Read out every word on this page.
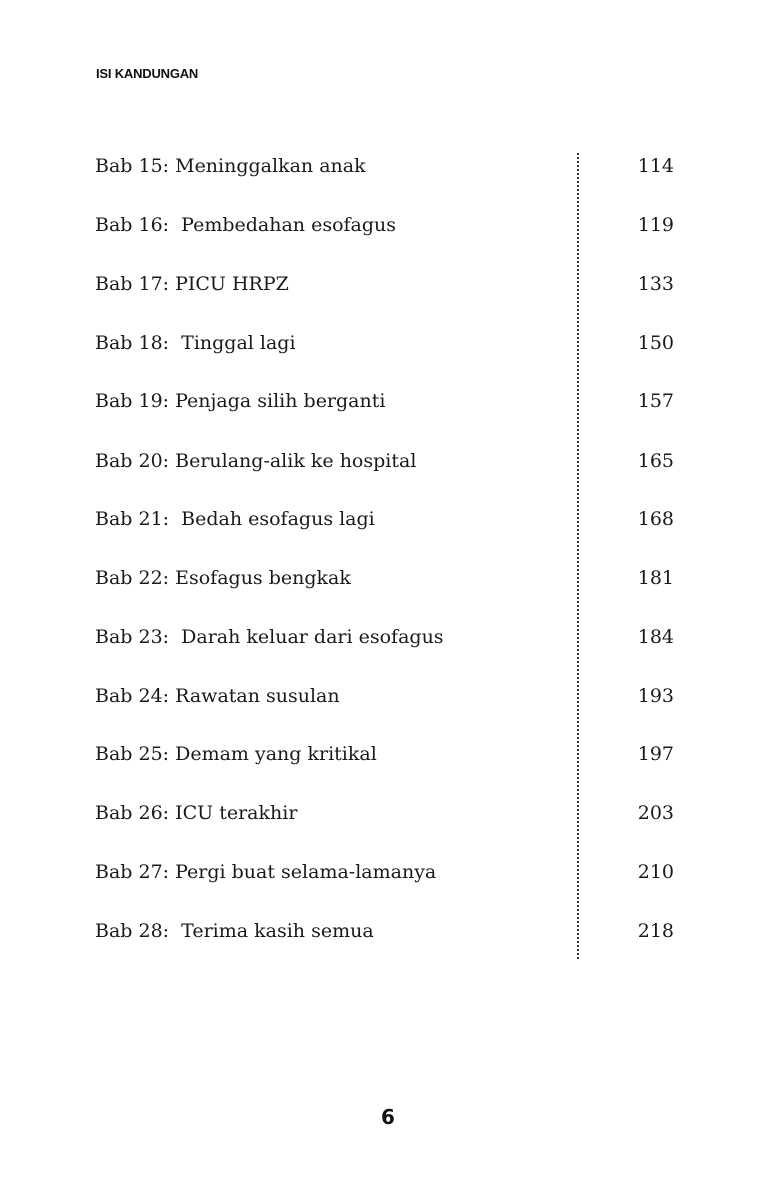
ISI KANDUNGAN
Bab 15: Meninggalkan anak	114
Bab 16:  Pembedahan esofagus	119
Bab 17: PICU HRPZ	133
Bab 18:  Tinggal lagi	150
Bab 19: Penjaga silih berganti	157
Bab 20: Berulang-alik ke hospital	165
Bab 21:  Bedah esofagus lagi	168
Bab 22: Esofagus bengkak	181
Bab 23:  Darah keluar dari esofagus	184
Bab 24: Rawatan susulan	193
Bab 25: Demam yang kritikal	197
Bab 26: ICU terakhir	203
Bab 27: Pergi buat selama-lamanya	210
Bab 28:  Terima kasih semua	218
6
